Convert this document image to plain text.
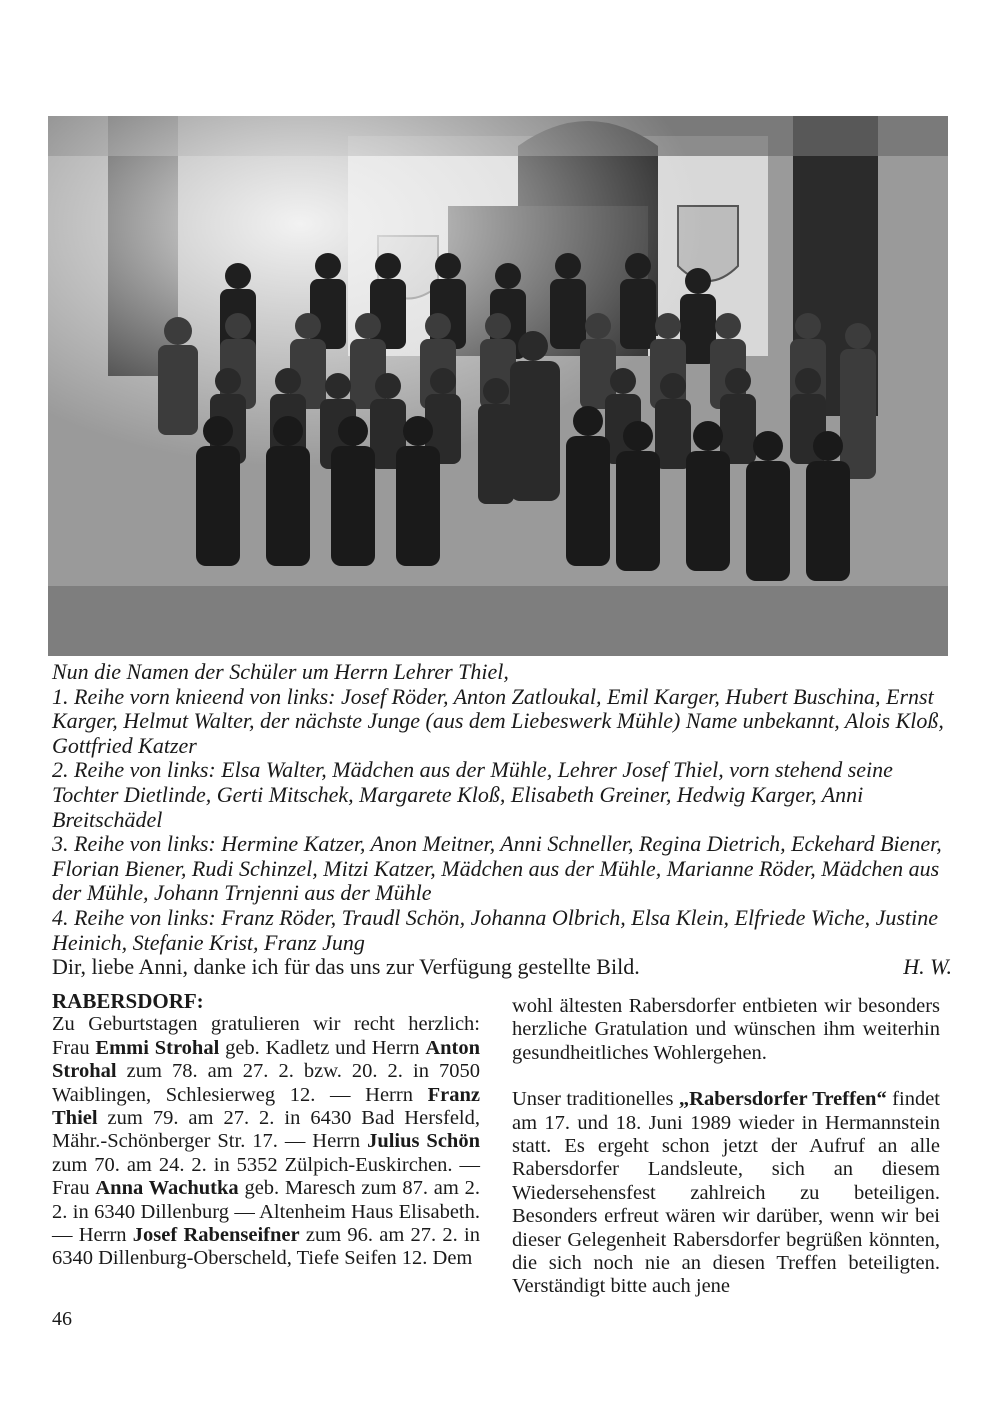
Nun die Namen der Schüler um Herrn Lehrer Thiel,

1. Reihe vorn knieend von links: Josef Röder, Anton Zatloukal, Emil Karger, Hubert Buschina, Ernst Karger, Helmut Walter, der nächste Junge (aus dem Liebeswerk Mühle) Name unbekannt, Alois Kloß, Gottfried Katzer

2. Reihe von links: Elsa Walter, Mädchen aus der Mühle, Lehrer Josef Thiel, vorn stehend seine Tochter Dietlinde, Gerti Mitschek, Margarete Kloß, Elisabeth Greiner, Hedwig Karger, Anni Breitschädel

3. Reihe von links: Hermine Katzer, Anon Meitner, Anni Schneller, Regina Dietrich, Eckehard Biener, Florian Biener, Rudi Schinzel, Mitzi Katzer, Mädchen aus der Mühle, Marianne Röder, Mädchen aus der Mühle, Johann Trnjenni aus der Mühle

4. Reihe von links: Franz Röder, Traudl Schön, Johanna Olbrich, Elsa Klein, Elfriede Wiche, Justine Heinich, Stefanie Krist, Franz Jung

Dir, liebe Anni, danke ich für das uns zur Verfügung gestellte Bild.	H. W.

RABERSDORF:

Zu Geburtstagen gratulieren wir recht herzlich: Frau Emmi Strohal geb. Kadletz und Herrn Anton Strohal zum 78. am 27. 2. bzw. 20. 2. in 7050 Waiblingen, Schlesierweg 12. — Herrn Franz Thiel zum 79. am 27. 2. in 6430 Bad Hersfeld, Mähr.-Schönberger Str. 17. — Herrn Julius Schön zum 70. am 24. 2. in 5352 Zülpich-Euskirchen. — Frau Anna Wachutka geb. Maresch zum 87. am 2. 2. in 6340 Dillenburg — Altenheim Haus Elisabeth. — Herrn Josef Rabenseifner zum 96. am 27. 2. in 6340 Dillenburg-Oberscheld, Tiefe Seifen 12. Dem

wohl ältesten Rabersdorfer entbieten wir besonders herzliche Gratulation und wünschen ihm weiterhin gesundheitliches Wohlergehen.

Unser traditionelles „Rabersdorfer Treffen“ findet am 17. und 18. Juni 1989 wieder in Hermannstein statt. Es ergeht schon jetzt der Aufruf an alle Rabersdorfer Landsleute, sich an diesem Wiedersehensfest zahlreich zu beteiligen. Besonders erfreut wären wir darüber, wenn wir bei dieser Gelegenheit Rabersdorfer begrüßen könnten, die sich noch nie an diesen Treffen beteiligten. Verständigt bitte auch jene

46
